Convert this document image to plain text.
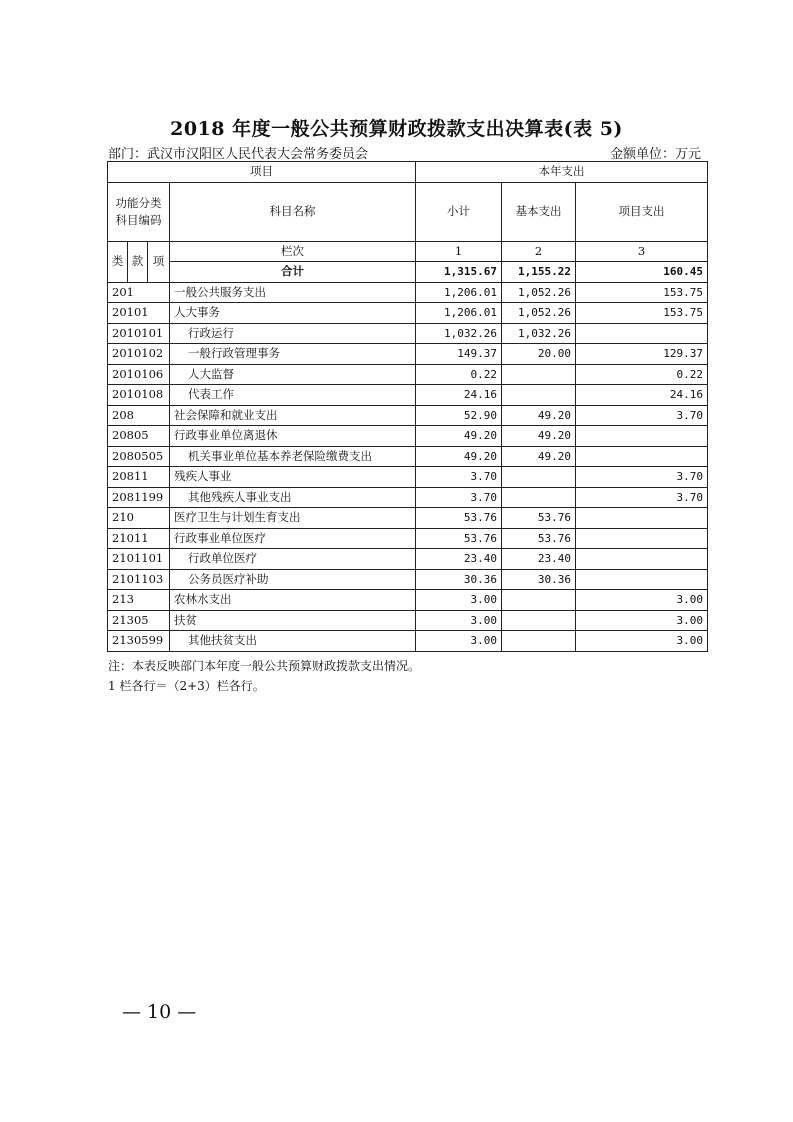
2018 年度一般公共预算财政拨款支出决算表(表 5)
部门：武汉市汉阳区人民代表大会常务委员会	金额单位：万元
项目				本年支出		
功能分类科目编码			科目名称	小计	基本支出	项目支出
类	款	项	栏次	1	2	3
			合计	1,315.67	1,155.22	160.45
201			一般公共服务支出	1,206.01	1,052.26	153.75
20101			人大事务	1,206.01	1,052.26	153.75
2010101			行政运行	1,032.26	1,032.26	
2010102			一般行政管理事务	149.37	20.00	129.37
2010106			人大监督	0.22		0.22
2010108			代表工作	24.16		24.16
208			社会保障和就业支出	52.90	49.20	3.70
20805			行政事业单位离退休	49.20	49.20	
2080505			机关事业单位基本养老保险缴费支出	49.20	49.20	
20811			残疾人事业	3.70		3.70
2081199			其他残疾人事业支出	3.70		3.70
210			医疗卫生与计划生育支出	53.76	53.76	
21011			行政事业单位医疗	53.76	53.76	
2101101			行政单位医疗	23.40	23.40	
2101103			公务员医疗补助	30.36	30.36	
213			农林水支出	3.00		3.00
21305			扶贫	3.00		3.00
2130599			其他扶贫支出	3.00		3.00
注：本表反映部门本年度一般公共预算财政拨款支出情况。
1 栏各行＝（2+3）栏各行。
— 10 —
